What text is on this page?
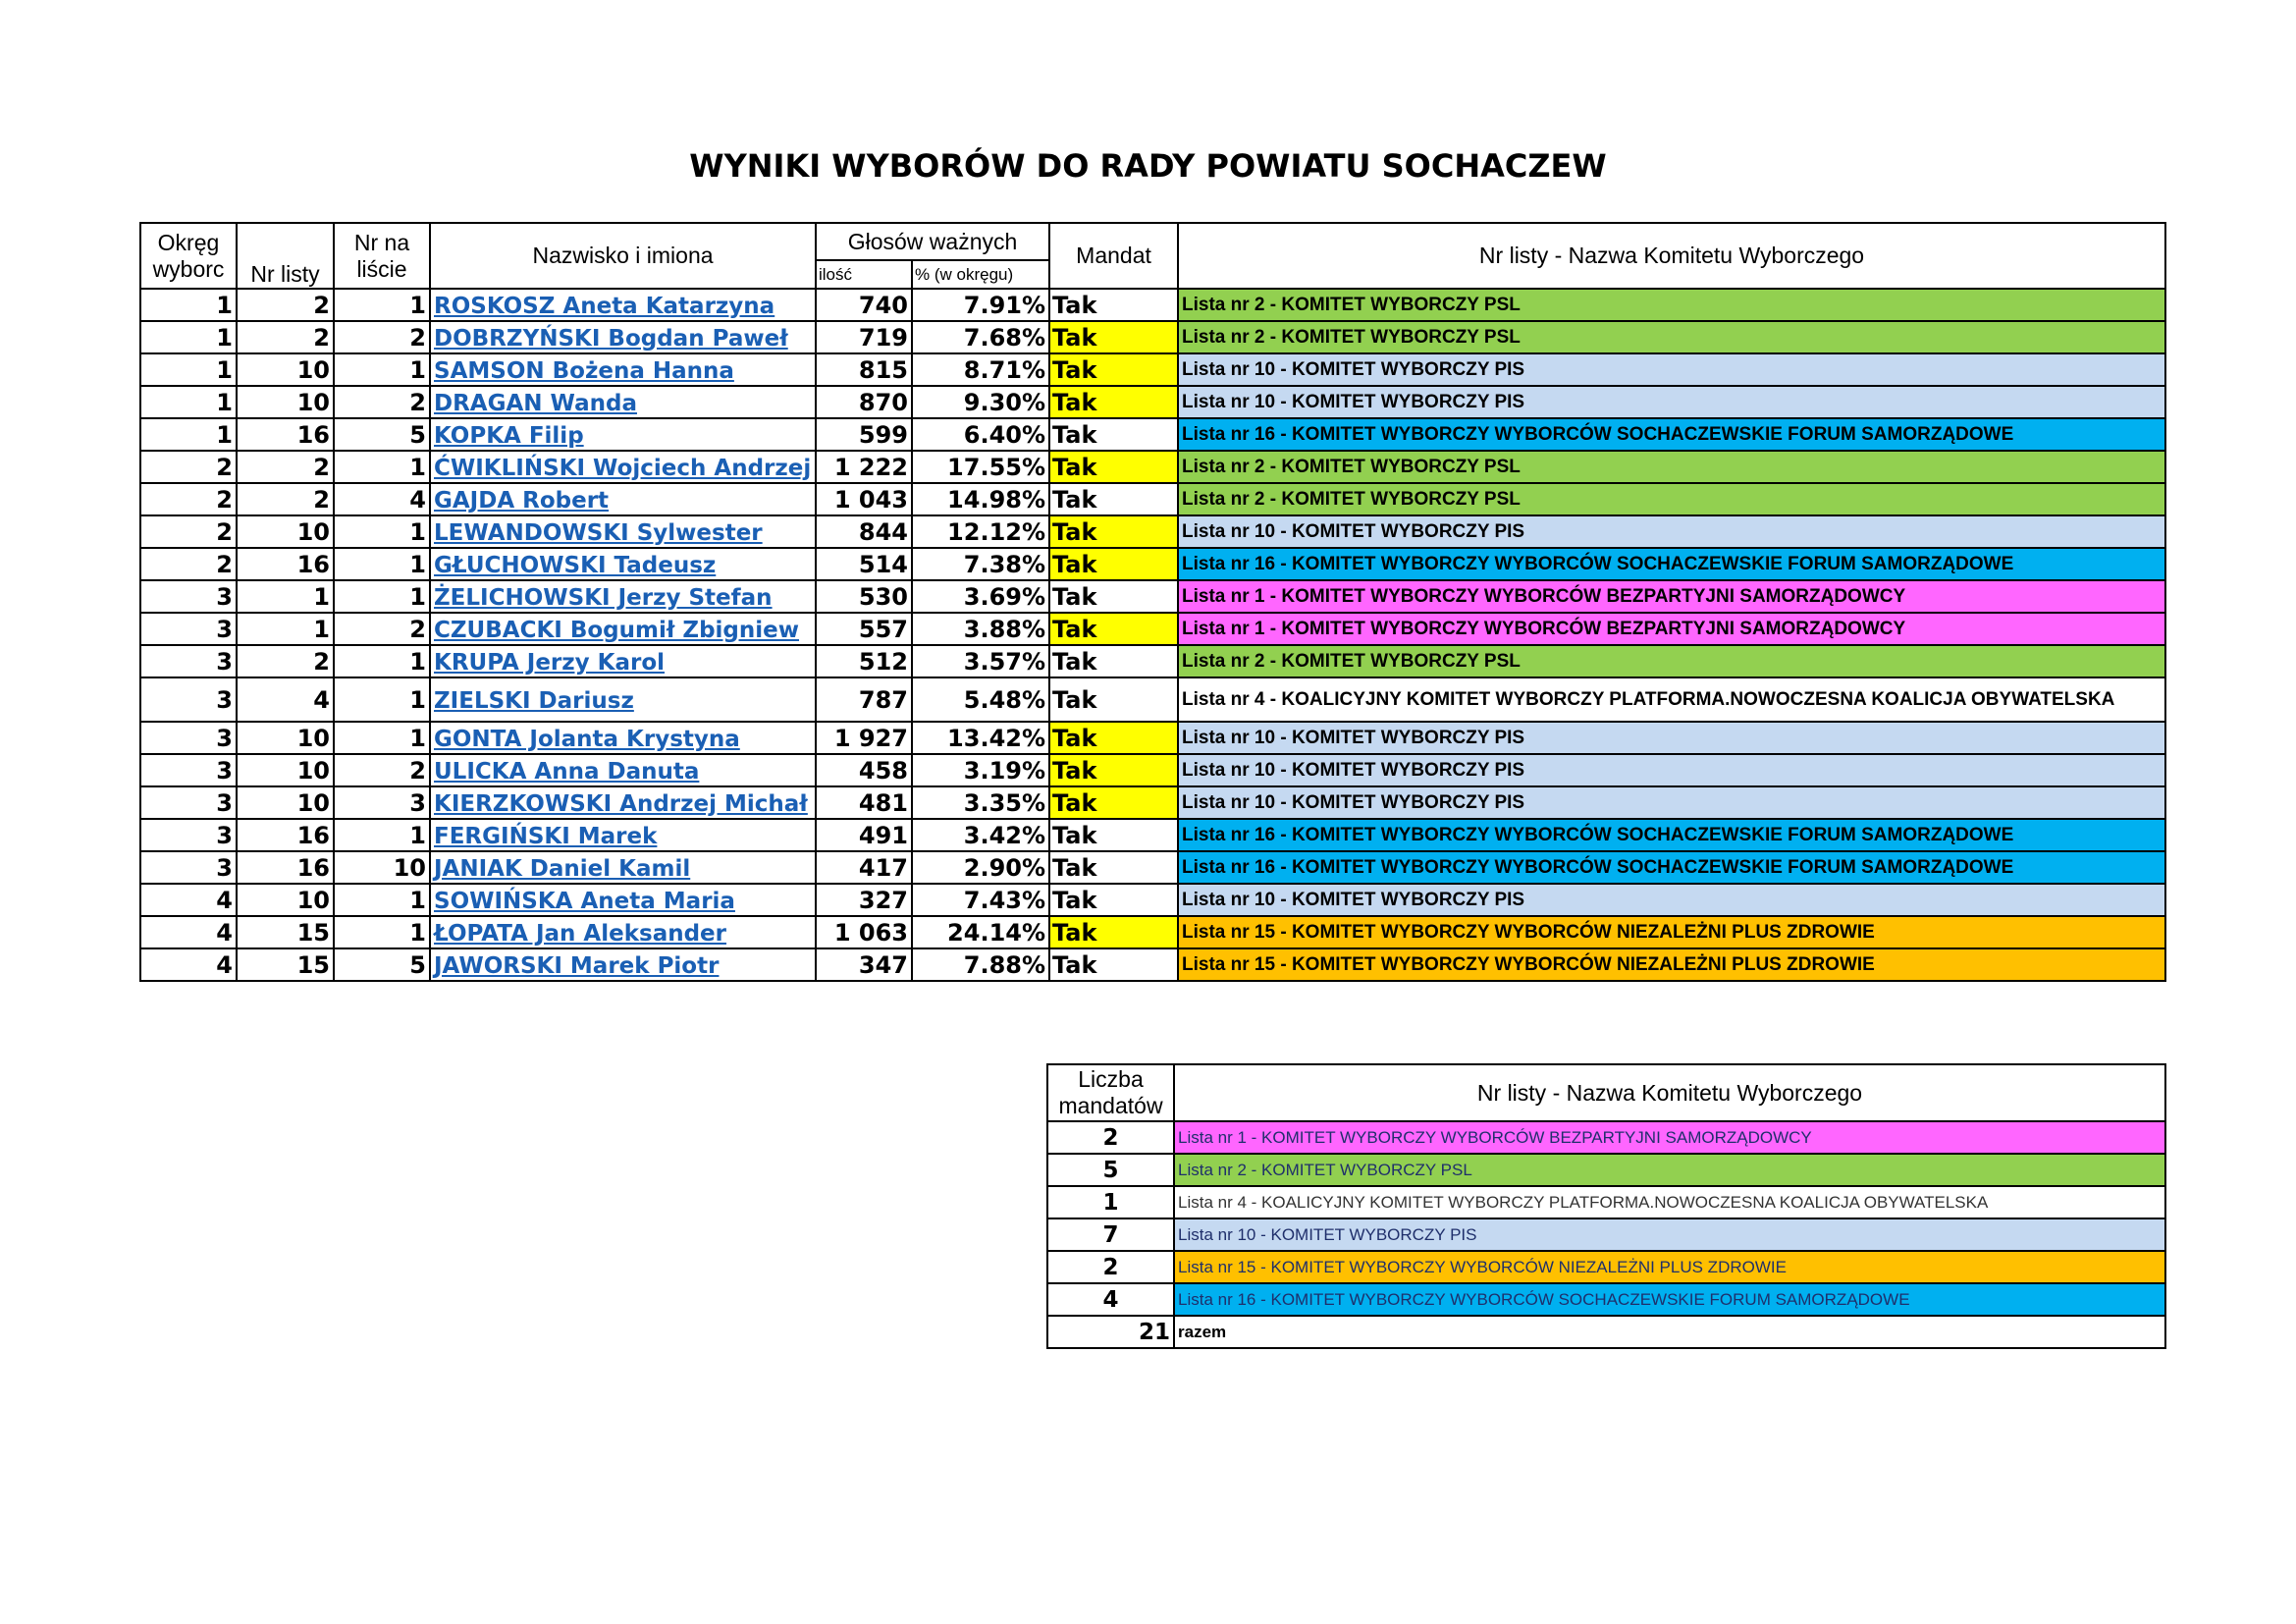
WYNIKI WYBORÓW DO RADY POWIATU SOCHACZEW
Okręg wyborc	Nr listy	Nr na liście	Nazwisko i imiona	Głosów ważnych		Mandat	Nr listy - Nazwa Komitetu Wyborczego
				ilość	% (w okręgu)		
1	2	1	ROSKOSZ Aneta Katarzyna	740	7.91%	Tak	Lista nr 2 - KOMITET WYBORCZY PSL
1	2	2	DOBRZYŃSKI Bogdan Paweł	719	7.68%	Tak	Lista nr 2 - KOMITET WYBORCZY PSL
1	10	1	SAMSON Bożena Hanna	815	8.71%	Tak	Lista nr 10 - KOMITET WYBORCZY PIS
1	10	2	DRAGAN Wanda	870	9.30%	Tak	Lista nr 10 - KOMITET WYBORCZY PIS
1	16	5	KOPKA Filip	599	6.40%	Tak	Lista nr 16 - KOMITET WYBORCZY WYBORCÓW SOCHACZEWSKIE FORUM SAMORZĄDOWE
2	2	1	ĆWIKLIŃSKI Wojciech Andrzej	1 222	17.55%	Tak	Lista nr 2 - KOMITET WYBORCZY PSL
2	2	4	GAJDA Robert	1 043	14.98%	Tak	Lista nr 2 - KOMITET WYBORCZY PSL
2	10	1	LEWANDOWSKI Sylwester	844	12.12%	Tak	Lista nr 10 - KOMITET WYBORCZY PIS
2	16	1	GŁUCHOWSKI Tadeusz	514	7.38%	Tak	Lista nr 16 - KOMITET WYBORCZY WYBORCÓW SOCHACZEWSKIE FORUM SAMORZĄDOWE
3	1	1	ŻELICHOWSKI Jerzy Stefan	530	3.69%	Tak	Lista nr 1 - KOMITET WYBORCZY WYBORCÓW BEZPARTYJNI SAMORZĄDOWCY
3	1	2	CZUBACKI Bogumił Zbigniew	557	3.88%	Tak	Lista nr 1 - KOMITET WYBORCZY WYBORCÓW BEZPARTYJNI SAMORZĄDOWCY
3	2	1	KRUPA Jerzy Karol	512	3.57%	Tak	Lista nr 2 - KOMITET WYBORCZY PSL
3	4	1	ZIELSKI Dariusz	787	5.48%	Tak	Lista nr 4 - KOALICYJNY KOMITET WYBORCZY PLATFORMA.NOWOCZESNA KOALICJA OBYWATELSKA
3	10	1	GONTA Jolanta Krystyna	1 927	13.42%	Tak	Lista nr 10 - KOMITET WYBORCZY PIS
3	10	2	ULICKA Anna Danuta	458	3.19%	Tak	Lista nr 10 - KOMITET WYBORCZY PIS
3	10	3	KIERZKOWSKI Andrzej Michał	481	3.35%	Tak	Lista nr 10 - KOMITET WYBORCZY PIS
3	16	1	FERGIŃSKI Marek	491	3.42%	Tak	Lista nr 16 - KOMITET WYBORCZY WYBORCÓW SOCHACZEWSKIE FORUM SAMORZĄDOWE
3	16	10	JANIAK Daniel Kamil	417	2.90%	Tak	Lista nr 16 - KOMITET WYBORCZY WYBORCÓW SOCHACZEWSKIE FORUM SAMORZĄDOWE
4	10	1	SOWIŃSKA Aneta Maria	327	7.43%	Tak	Lista nr 10 - KOMITET WYBORCZY PIS
4	15	1	ŁOPATA Jan Aleksander	1 063	24.14%	Tak	Lista nr 15 - KOMITET WYBORCZY WYBORCÓW NIEZALEŻNI PLUS ZDROWIE
4	15	5	JAWORSKI Marek Piotr	347	7.88%	Tak	Lista nr 15 - KOMITET WYBORCZY WYBORCÓW NIEZALEŻNI PLUS ZDROWIE
Liczba mandatów	Nr listy - Nazwa Komitetu Wyborczego
2	Lista nr 1 - KOMITET WYBORCZY WYBORCÓW BEZPARTYJNI SAMORZĄDOWCY
5	Lista nr 2 - KOMITET WYBORCZY PSL
1	Lista nr 4 - KOALICYJNY KOMITET WYBORCZY PLATFORMA.NOWOCZESNA KOALICJA OBYWATELSKA
7	Lista nr 10 - KOMITET WYBORCZY PIS
2	Lista nr 15 - KOMITET WYBORCZY WYBORCÓW NIEZALEŻNI PLUS ZDROWIE
4	Lista nr 16 - KOMITET WYBORCZY WYBORCÓW SOCHACZEWSKIE FORUM SAMORZĄDOWE
21	razem
